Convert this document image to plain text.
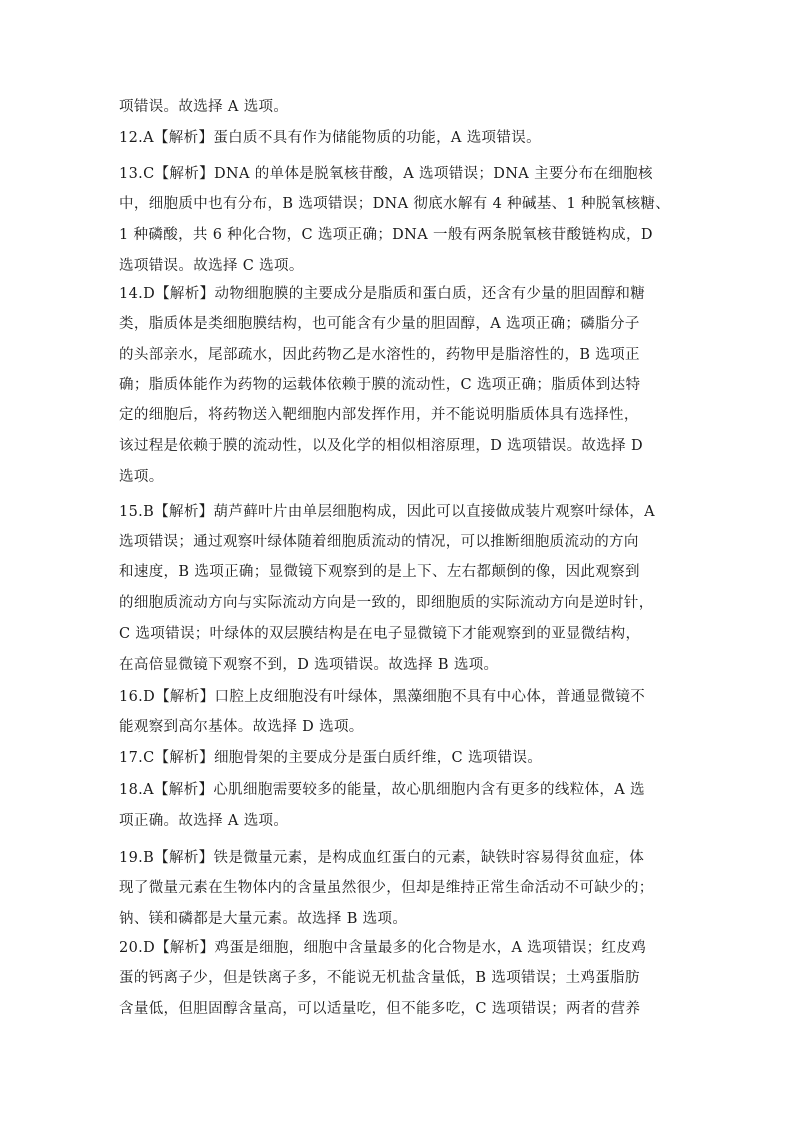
项错误。故选择 A 选项。
12.A【解析】蛋白质不具有作为储能物质的功能，A 选项错误。
13.C【解析】DNA 的单体是脱氧核苷酸，A 选项错误；DNA 主要分布在细胞核
中，细胞质中也有分布，B 选项错误；DNA 彻底水解有 4 种碱基、1 种脱氧核糖、
1 种磷酸，共 6 种化合物，C 选项正确；DNA 一般有两条脱氧核苷酸链构成，D
选项错误。故选择 C 选项。
14.D【解析】动物细胞膜的主要成分是脂质和蛋白质，还含有少量的胆固醇和糖
类，脂质体是类细胞膜结构，也可能含有少量的胆固醇，A 选项正确；磷脂分子
的头部亲水，尾部疏水，因此药物乙是水溶性的，药物甲是脂溶性的，B 选项正
确；脂质体能作为药物的运载体依赖于膜的流动性，C 选项正确；脂质体到达特
定的细胞后，将药物送入靶细胞内部发挥作用，并不能说明脂质体具有选择性，
该过程是依赖于膜的流动性，以及化学的相似相溶原理，D 选项错误。故选择 D
选项。
15.B【解析】葫芦藓叶片由单层细胞构成，因此可以直接做成装片观察叶绿体，A
选项错误；通过观察叶绿体随着细胞质流动的情况，可以推断细胞质流动的方向
和速度，B 选项正确；显微镜下观察到的是上下、左右都颠倒的像，因此观察到
的细胞质流动方向与实际流动方向是一致的，即细胞质的实际流动方向是逆时针，
C 选项错误；叶绿体的双层膜结构是在电子显微镜下才能观察到的亚显微结构，
在高倍显微镜下观察不到，D 选项错误。故选择 B 选项。
16.D【解析】口腔上皮细胞没有叶绿体，黑藻细胞不具有中心体，普通显微镜不
能观察到高尔基体。故选择 D 选项。
17.C【解析】细胞骨架的主要成分是蛋白质纤维，C 选项错误。
18.A【解析】心肌细胞需要较多的能量，故心肌细胞内含有更多的线粒体，A 选
项正确。故选择 A 选项。
19.B【解析】铁是微量元素，是构成血红蛋白的元素，缺铁时容易得贫血症，体
现了微量元素在生物体内的含量虽然很少，但却是维持正常生命活动不可缺少的；
钠、镁和磷都是大量元素。故选择 B 选项。
20.D【解析】鸡蛋是细胞，细胞中含量最多的化合物是水，A 选项错误；红皮鸡
蛋的钙离子少，但是铁离子多，不能说无机盐含量低，B 选项错误；土鸡蛋脂肪
含量低，但胆固醇含量高，可以适量吃，但不能多吃，C 选项错误；两者的营养
